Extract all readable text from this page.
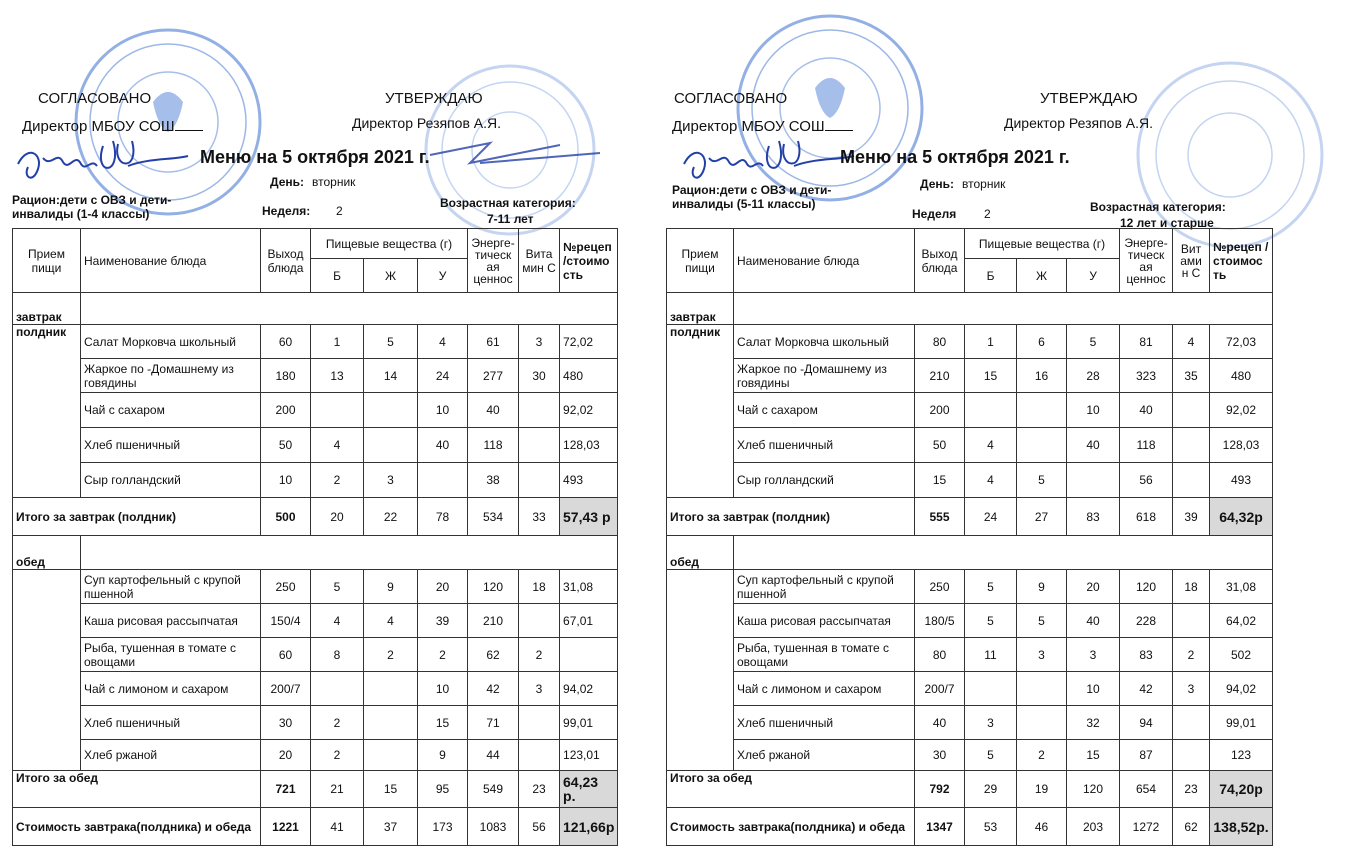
СОГЛАСОВАНО
Директор МБОУ СОШ
УТВЕРЖДАЮ
Директор Резяпов А.Я.
Меню на 5 октября 2021 г.
День: вторник
Рацион:дети с ОВЗ и дети-инвалиды (1-4 классы)	Неделя: 2
Возрастная категория:
7-11 лет
Прием пищи	Наименование блюда	Выход блюда	Пищевые вещества (г)			Энерге-тическ ая ценнос	Вита мин С	№рецеп /стоимо сть
			Б	Ж	У			
завтрак								
полдник	Салат Морковча школьный	60	1	5	4	61	3	72,02
	Жаркое по -Домашнему из говядины	180	13	14	24	277	30	480
	Чай с сахаром	200			10	40		92,02
	Хлеб пшеничный	50	4		40	118		128,03
	Сыр голландский	10	2	3		38		493
Итого за завтрак (полдник)		500	20	22	78	534	33	57,43 р
обед								
	Суп картофельный с крупой пшенной	250	5	9	20	120	18	31,08
	Каша рисовая рассыпчатая	150/4	4	4	39	210		67,01
	Рыба, тушенная в томате с овощами	60	8	2	2	62	2	
	Чай с лимоном и сахаром	200/7			10	42	3	94,02
	Хлеб пшеничный	30	2		15	71		99,01
	Хлеб ржаной	20	2		9	44		123,01
Итого за обед		721	21	15	95	549	23	64,23 р.
Стоимость завтрака(полдника) и обеда		1221	41	37	173	1083	56	121,66р
СОГЛАСОВАНО
Директор МБОУ СОШ
УТВЕРЖДАЮ
Директор Резяпов А.Я.
Меню на 5 октября 2021 г.
День: вторник
Рацион:дети с ОВЗ и дети-инвалиды (5-11 классы)
Неделя 2	Возрастная категория:
12 лет и старше
Прием пищи	Наименование блюда	Выход блюда	Пищевые вещества (г)			Энерге-тическ ая ценнос	Вит ами н С	№рецеп /стоимос ть
			Б	Ж	У			
завтрак								
полдник	Салат Морковча школьный	80	1	6	5	81	4	72,03
	Жаркое по -Домашнему из говядины	210	15	16	28	323	35	480
	Чай с сахаром	200			10	40		92,02
	Хлеб пшеничный	50	4		40	118		128,03
	Сыр голландский	15	4	5		56		493
Итого за завтрак (полдник)		555	24	27	83	618	39	64,32р
обед								
	Суп картофельный с крупой пшенной	250	5	9	20	120	18	31,08
	Каша рисовая рассыпчатая	180/5	5	5	40	228		64,02
	Рыба, тушенная в томате с овощами	80	11	3	3	83	2	502
	Чай с лимоном и сахаром	200/7			10	42	3	94,02
	Хлеб пшеничный	40	3		32	94		99,01
	Хлеб ржаной	30	5	2	15	87		123
Итого за обед		792	29	19	120	654	23	74,20р
Стоимость завтрака(полдника) и обеда		1347	53	46	203	1272	62	138,52р.
